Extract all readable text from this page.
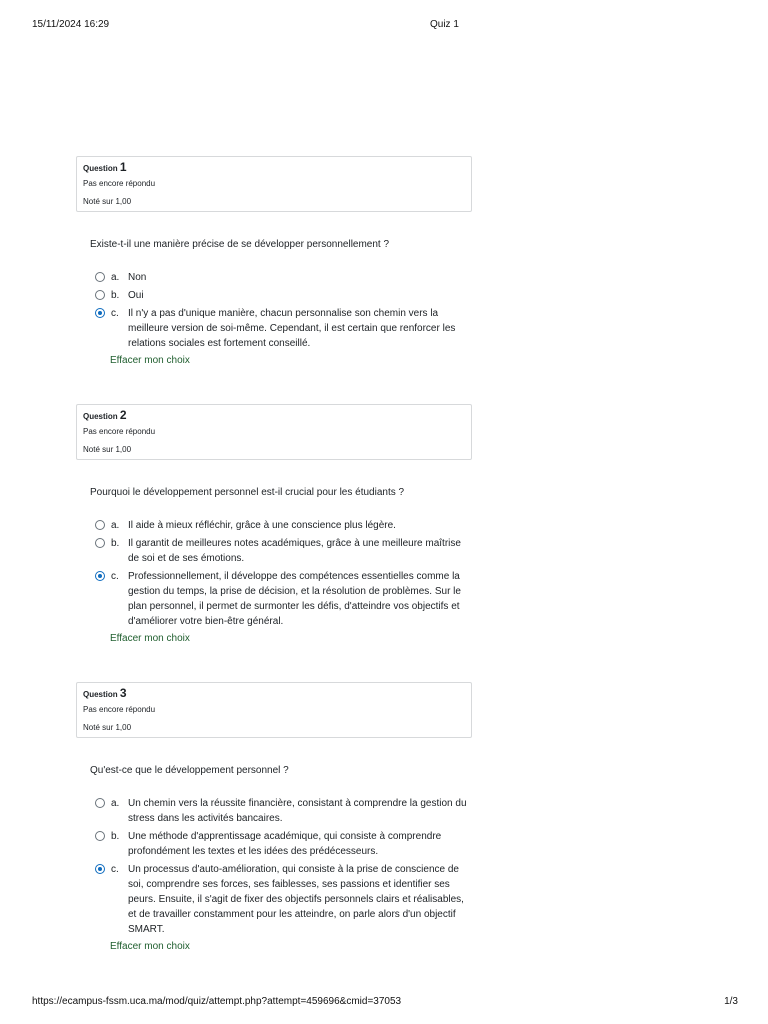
15/11/2024 16:29	Quiz 1
Question 1
Pas encore répondu
Noté sur 1,00
Existe-t-il une manière précise de se développer personnellement ?
a. Non
b. Oui
c. Il n'y a pas d'unique manière, chacun personnalise son chemin vers la meilleure version de soi-même. Cependant, il est certain que renforcer les relations sociales est fortement conseillé.
Effacer mon choix
Question 2
Pas encore répondu
Noté sur 1,00
Pourquoi le développement personnel est-il crucial pour les étudiants ?
a. Il aide à mieux réfléchir, grâce à une conscience plus légère.
b. Il garantit de meilleures notes académiques, grâce à une meilleure maîtrise de soi et de ses émotions.
c. Professionnellement, il développe des compétences essentielles comme la gestion du temps, la prise de décision, et la résolution de problèmes. Sur le plan personnel, il permet de surmonter les défis, d'atteindre vos objectifs et d'améliorer votre bien-être général.
Effacer mon choix
Question 3
Pas encore répondu
Noté sur 1,00
Qu'est-ce que le développement personnel ?
a. Un chemin vers la réussite financière, consistant à comprendre la gestion du stress dans les activités bancaires.
b. Une méthode d'apprentissage académique, qui consiste à comprendre profondément les textes et les idées des prédécesseurs.
c. Un processus d'auto-amélioration, qui consiste à la prise de conscience de soi, comprendre ses forces, ses faiblesses, ses passions et identifier ses peurs. Ensuite, il s'agit de fixer des objectifs personnels clairs et réalisables, et de travailler constamment pour les atteindre, on parle alors d'un objectif SMART.
Effacer mon choix
https://ecampus-fssm.uca.ma/mod/quiz/attempt.php?attempt=459696&cmid=37053	1/3
